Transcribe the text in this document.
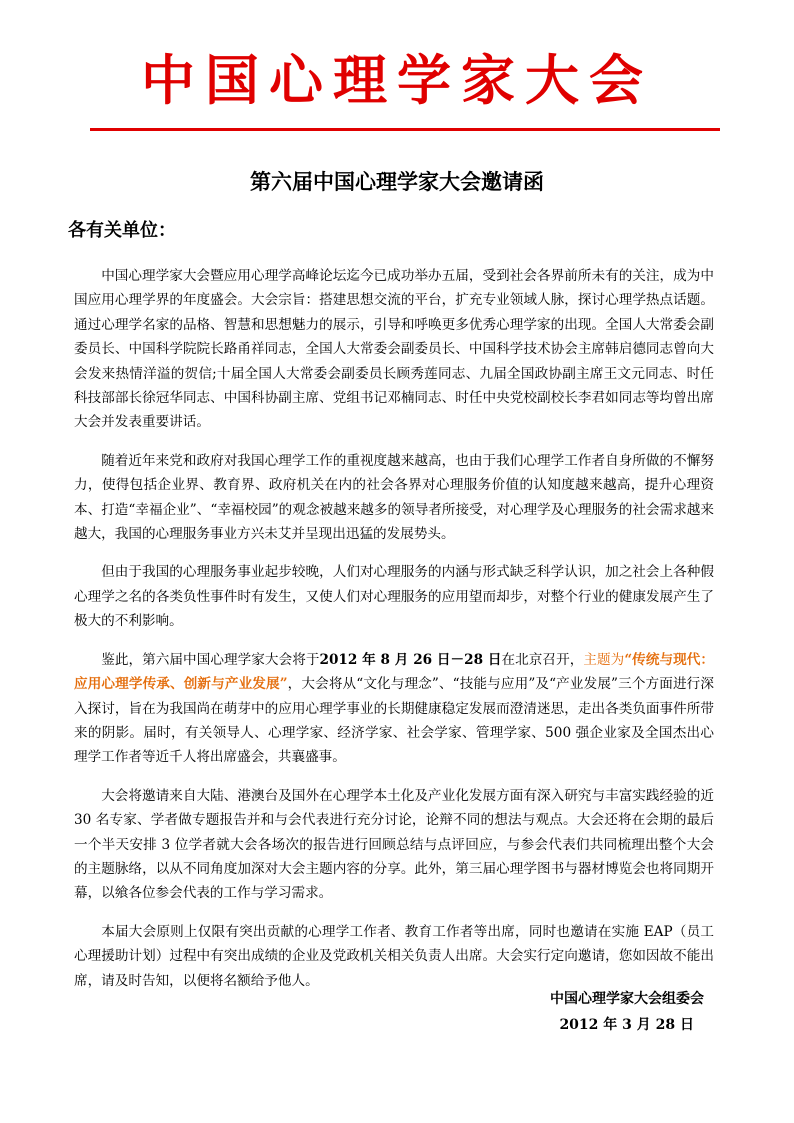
中国心理学家大会
第六届中国心理学家大会邀请函
各有关单位：

中国心理学家大会暨应用心理学高峰论坛迄今已成功举办五届，受到社会各界前所未有的关注，成为中国应用心理学界的年度盛会。大会宗旨：搭建思想交流的平台，扩充专业领域人脉，探讨心理学热点话题。通过心理学名家的品格、智慧和思想魅力的展示，引导和呼唤更多优秀心理学家的出现。全国人大常委会副委员长、中国科学院院长路甬祥同志，全国人大常委会副委员长、中国科学技术协会主席韩启德同志曾向大会发来热情洋溢的贺信;十届全国人大常委会副委员长顾秀莲同志、九届全国政协副主席王文元同志、时任科技部部长徐冠华同志、中国科协副主席、党组书记邓楠同志、时任中央党校副校长李君如同志等均曾出席大会并发表重要讲话。

随着近年来党和政府对我国心理学工作的重视度越来越高，也由于我们心理学工作者自身所做的不懈努力，使得包括企业界、教育界、政府机关在内的社会各界对心理服务价值的认知度越来越高，提升心理资本、打造“幸福企业”、“幸福校园”的观念被越来越多的领导者所接受，对心理学及心理服务的社会需求越来越大，我国的心理服务事业方兴未艾并呈现出迅猛的发展势头。

但由于我国的心理服务事业起步较晚，人们对心理服务的内涵与形式缺乏科学认识，加之社会上各种假心理学之名的各类负性事件时有发生，又使人们对心理服务的应用望而却步，对整个行业的健康发展产生了极大的不利影响。

鉴此，第六届中国心理学家大会将于2012 年 8 月 26 日－28 日在北京召开，主题为“传统与现代：应用心理学传承、创新与产业发展”，大会将从“文化与理念”、“技能与应用”及“产业发展”三个方面进行深入探讨，旨在为我国尚在萌芽中的应用心理学事业的长期健康稳定发展而澄清迷思，走出各类负面事件所带来的阴影。届时，有关领导人、心理学家、经济学家、社会学家、管理学家、500 强企业家及全国杰出心理学工作者等近千人将出席盛会，共襄盛事。

大会将邀请来自大陆、港澳台及国外在心理学本土化及产业化发展方面有深入研究与丰富实践经验的近 30 名专家、学者做专题报告并和与会代表进行充分讨论，论辩不同的想法与观点。大会还将在会期的最后一个半天安排 3 位学者就大会各场次的报告进行回顾总结与点评回应，与参会代表们共同梳理出整个大会的主题脉络，以从不同角度加深对大会主题内容的分享。此外，第三届心理学图书与器材博览会也将同期开幕，以飨各位参会代表的工作与学习需求。

本届大会原则上仅限有突出贡献的心理学工作者、教育工作者等出席，同时也邀请在实施 EAP（员工心理援助计划）过程中有突出成绩的企业及党政机关相关负责人出席。大会实行定向邀请，您如因故不能出席，请及时告知，以便将名额给予他人。

中国心理学家大会组委会
2012 年 3 月 28 日
